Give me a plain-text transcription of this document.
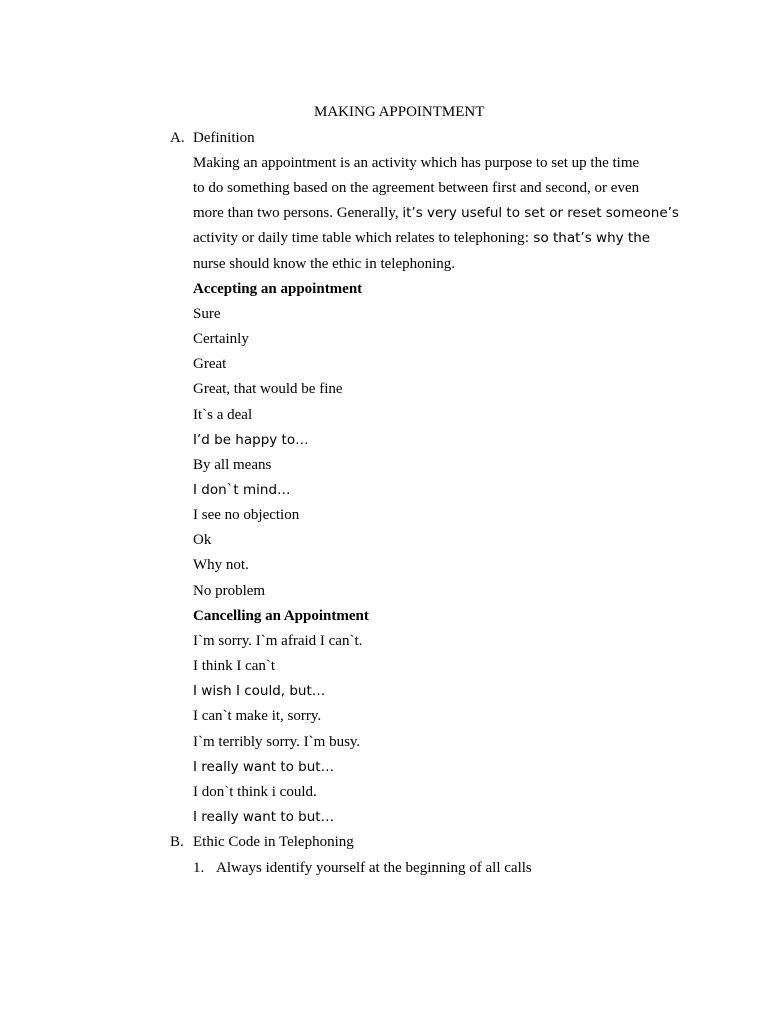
MAKING APPOINTMENT
A. Definition
Making an appointment is an activity which has purpose to set up the time
to do something based on the agreement between first and second, or even
more than two persons. Generally, it’s very useful to set or reset someone’s
activity or daily time table which relates to telephoning: so that’s why the
nurse should know the ethic in telephoning.
Accepting an appointment
Sure
Certainly
Great
Great, that would be fine
It`s a deal
I’d be happy to…
By all means
I don`t mind…
I see no objection
Ok
Why not.
No problem
Cancelling an Appointment
I`m sorry. I`m afraid I can`t.
I think I can`t
I wish I could, but…
I can`t make it, sorry.
I`m terribly sorry. I`m busy.
I really want to but…
I don`t think i could.
I really want to but…
B. Ethic Code in Telephoning
1. Always identify yourself at the beginning of all calls
